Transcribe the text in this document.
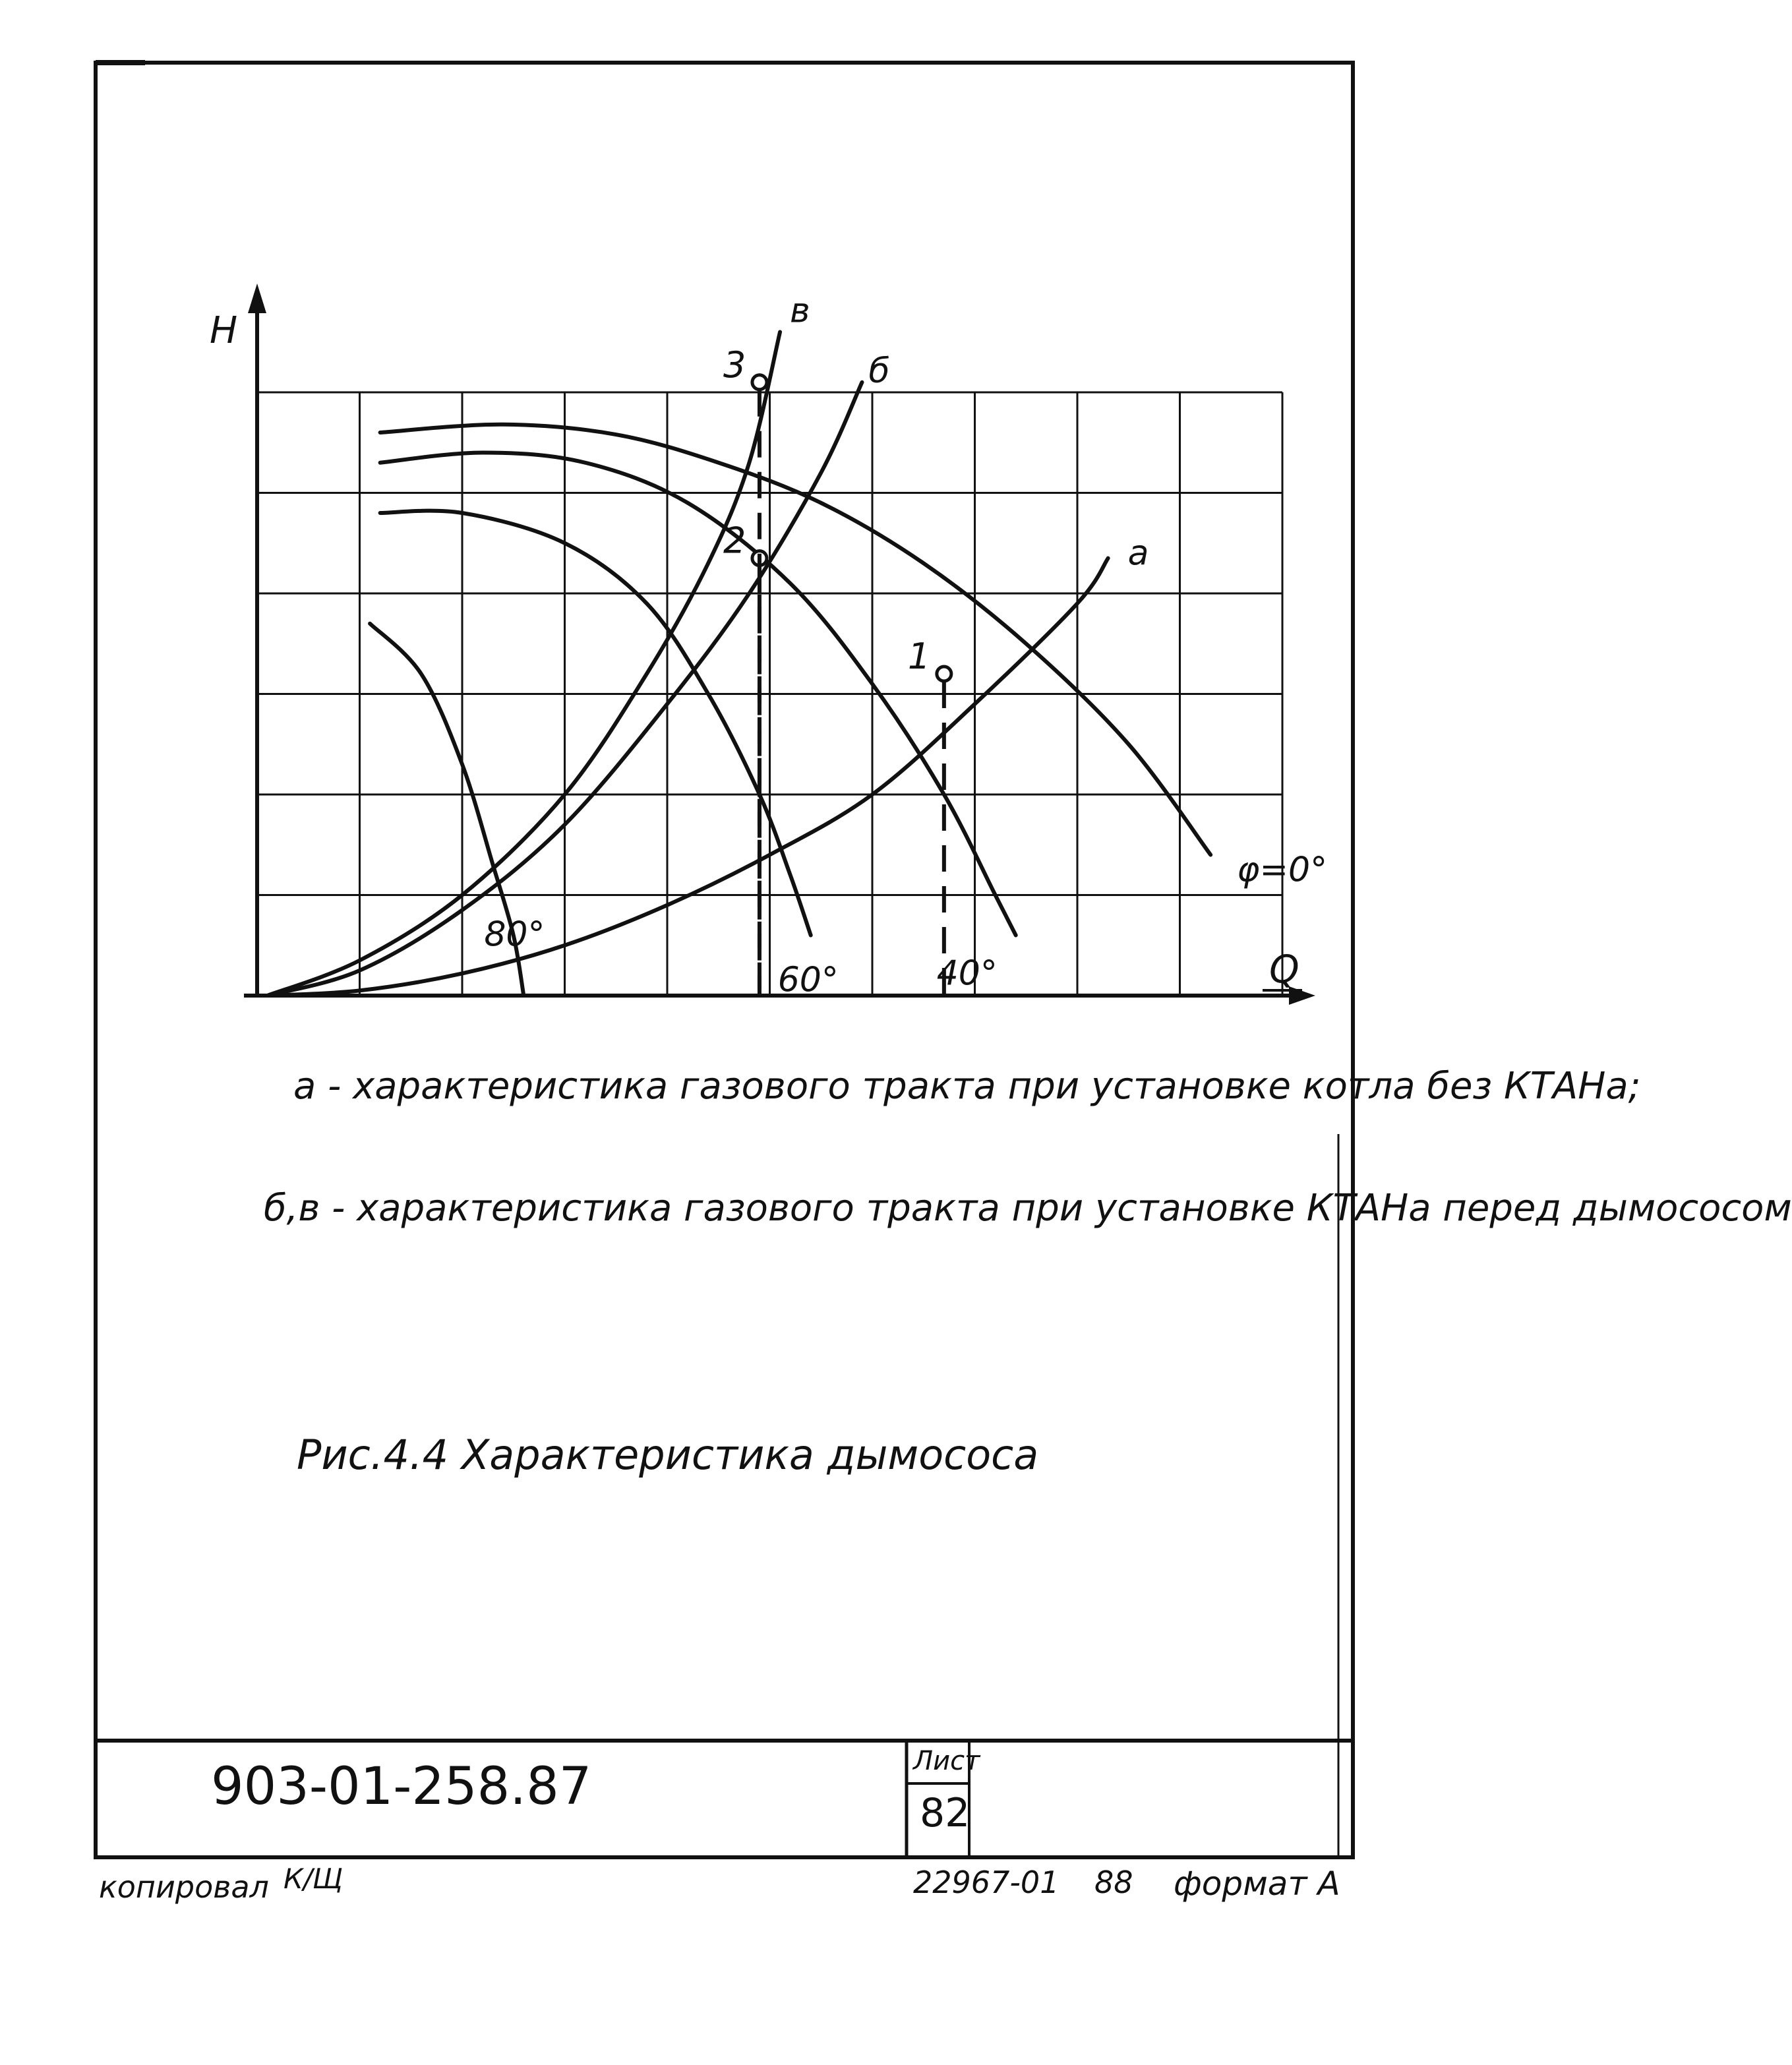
Q
H
φ=0°
40°
60°
80°
а
б
в
1
2
3
а - характеристика газового тракта при установке котла без КТАНа;
б,в - характеристика газового тракта при установке КТАНа перед дымососом
Рис.4.4 Характеристика дымососа
903-01-258.87	Лист
82
копировал К/Щ	22967-01 88 формат А
